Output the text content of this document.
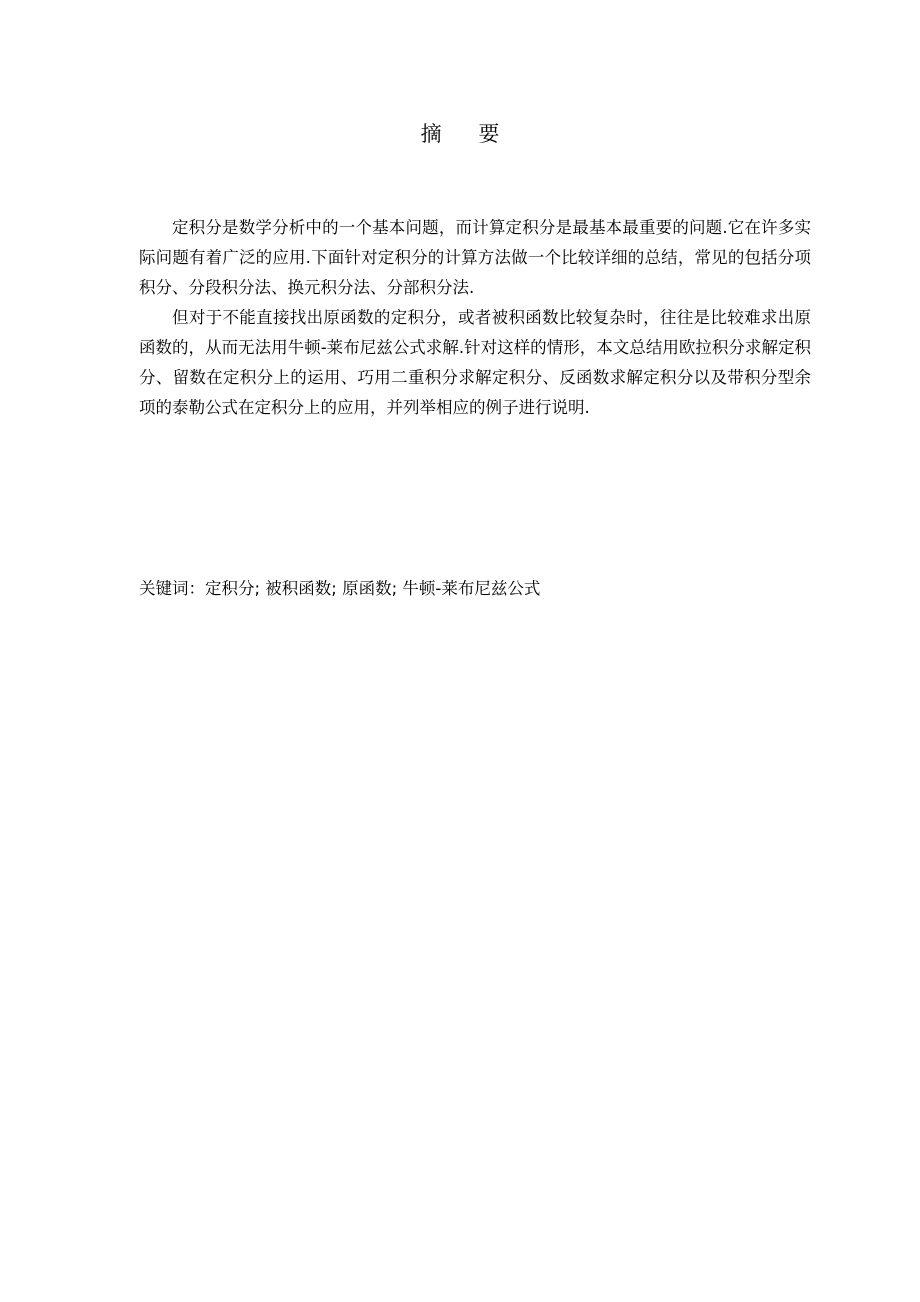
摘 要

定积分是数学分析中的一个基本问题，而计算定积分是最基本最重要的问题.它在许多实际问题有着广泛的应用.下面针对定积分的计算方法做一个比较详细的总结，常见的包括分项积分、分段积分法、换元积分法、分部积分法.

但对于不能直接找出原函数的定积分，或者被积函数比较复杂时，往往是比较难求出原函数的，从而无法用牛顿-莱布尼兹公式求解.针对这样的情形，本文总结用欧拉积分求解定积分、留数在定积分上的运用、巧用二重积分求解定积分、反函数求解定积分以及带积分型余项的泰勒公式在定积分上的应用，并列举相应的例子进行说明.

关键词：定积分; 被积函数; 原函数; 牛顿-莱布尼兹公式
